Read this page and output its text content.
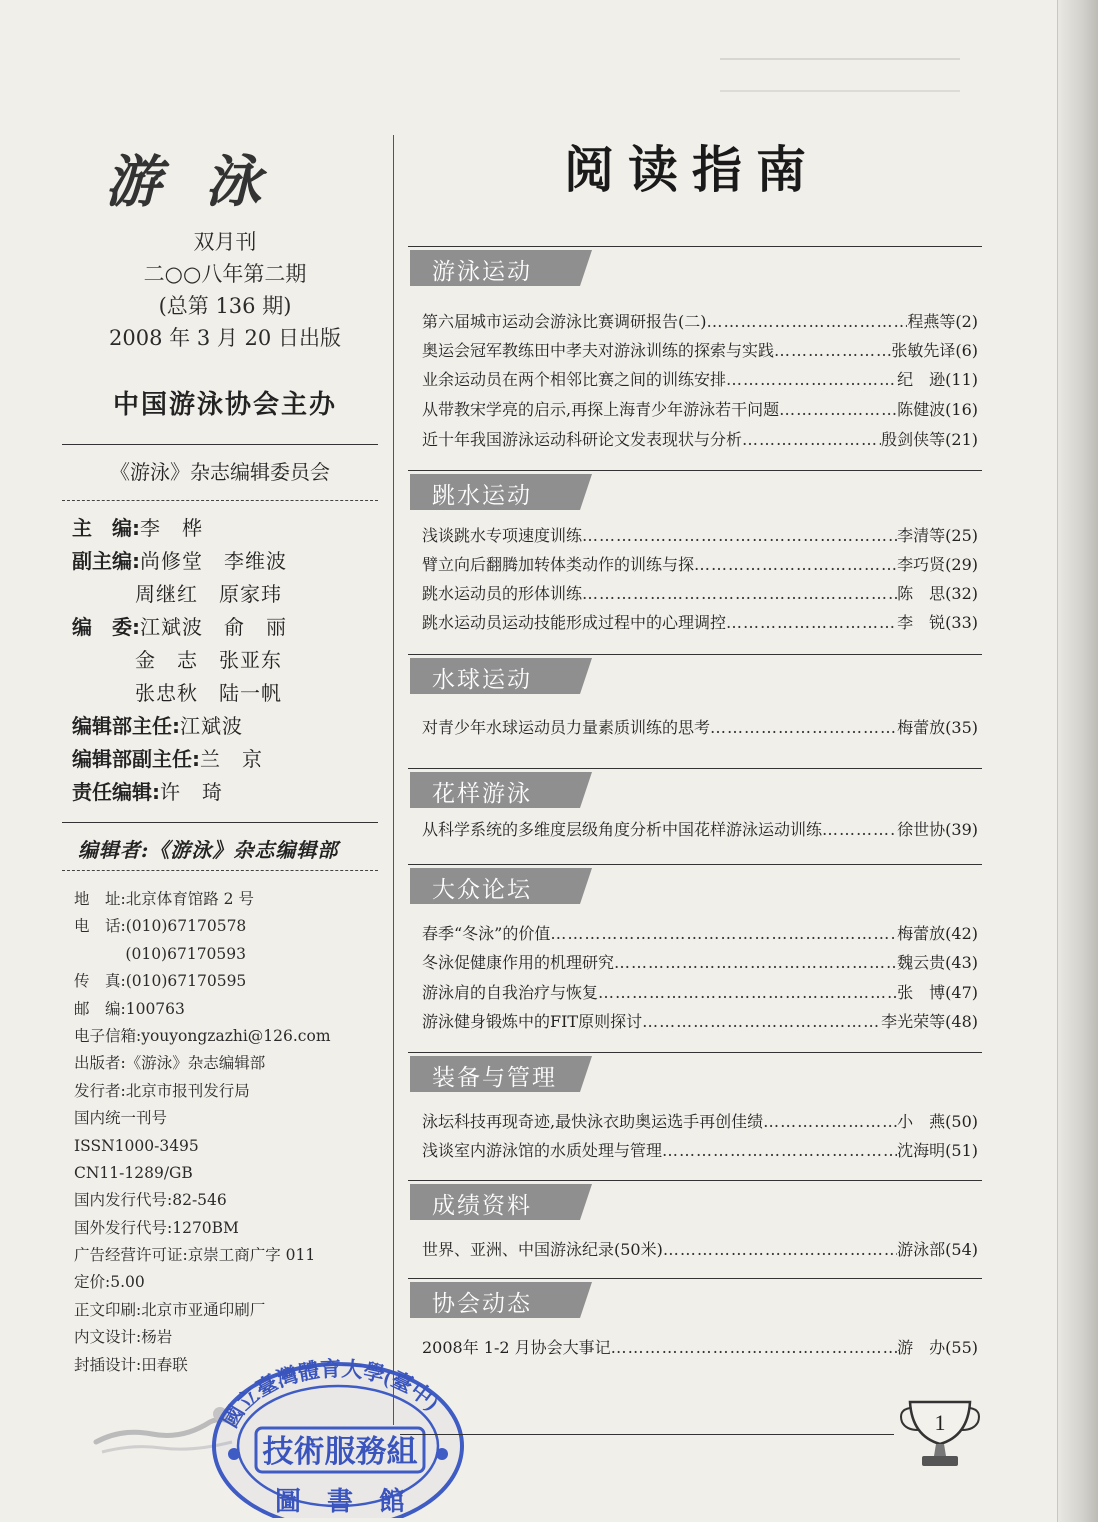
游泳
双月刊
二○○八年第二期
(总第 136 期)
2008 年 3 月 20 日出版
中国游泳协会主办
《游泳》杂志编辑委员会
主　编:李　桦
副主编:尚修堂　李维波
　　　周继红　原家玮
编　委:江斌波　俞　丽
　　　金　志　张亚东
　　　张忠秋　陆一帆
编辑部主任:江斌波
编辑部副主任:兰　京
责任编辑:许　琦
编辑者:《游泳》杂志编辑部
地　址:北京体育馆路 2 号
电　话:(010)67170578
　　　 (010)67170593
传　真:(010)67170595
邮　编:100763
电子信箱:youyongzazhi@126.com
出版者:《游泳》杂志编辑部
发行者:北京市报刊发行局
国内统一刊号
ISSN1000-3495
CN11-1289/GB
国内发行代号:82-546
国外发行代号:1270BM
广告经营许可证:京崇工商广字 011
定价:5.00
正文印刷:北京市亚通印刷厂
内文设计:杨岩
封插设计:田春联
國立臺灣體育大學(臺中)
技術服務組
圖　書　館
1
阅读指南
游泳运动
第六届城市运动会游泳比赛调研报告(二) …………………………………………………………………………………………………………………………………………	程燕等(2)
奥运会冠军教练田中孝夫对游泳训练的探索与实践 …………………………………………………………………………………………………………………………………………	张敏先译(6)
业余运动员在两个相邻比赛之间的训练安排 …………………………………………………………………………………………………………………………………………	纪　逊(11)
从带教宋学亮的启示,再探上海青少年游泳若干问题 …………………………………………………………………………………………………………………………………………	陈健波(16)
近十年我国游泳运动科研论文发表现状与分析 …………………………………………………………………………………………………………………………………………	殷剑侠等(21)
跳水运动
浅谈跳水专项速度训练 …………………………………………………………………………………………………………………………………………	李清等(25)
臂立向后翻腾加转体类动作的训练与探 …………………………………………………………………………………………………………………………………………	李巧贤(29)
跳水运动员的形体训练 …………………………………………………………………………………………………………………………………………	陈　思(32)
跳水运动员运动技能形成过程中的心理调控 …………………………………………………………………………………………………………………………………………	李　锐(33)
水球运动
对青少年水球运动员力量素质训练的思考 …………………………………………………………………………………………………………………………………………	梅蕾放(35)
花样游泳
从科学系统的多维度层级角度分析中国花样游泳运动训练 …………………………………………………………………………………………………………………………………………	徐世协(39)
大众论坛
春季“冬泳”的价值 …………………………………………………………………………………………………………………………………………	梅蕾放(42)
冬泳促健康作用的机理研究 …………………………………………………………………………………………………………………………………………	魏云贵(43)
游泳肩的自我治疗与恢复 …………………………………………………………………………………………………………………………………………	张　博(47)
游泳健身锻炼中的FIT原则探讨 …………………………………………………………………………………………………………………………………………	李光荣等(48)
装备与管理
泳坛科技再现奇迹,最快泳衣助奥运选手再创佳绩 …………………………………………………………………………………………………………………………………………	小　燕(50)
浅谈室内游泳馆的水质处理与管理 …………………………………………………………………………………………………………………………………………	沈海明(51)
成绩资料
世界、亚洲、中国游泳纪录(50米) …………………………………………………………………………………………………………………………………………	游泳部(54)
协会动态
2008年 1-2 月协会大事记 …………………………………………………………………………………………………………………………………………	游　办(55)
